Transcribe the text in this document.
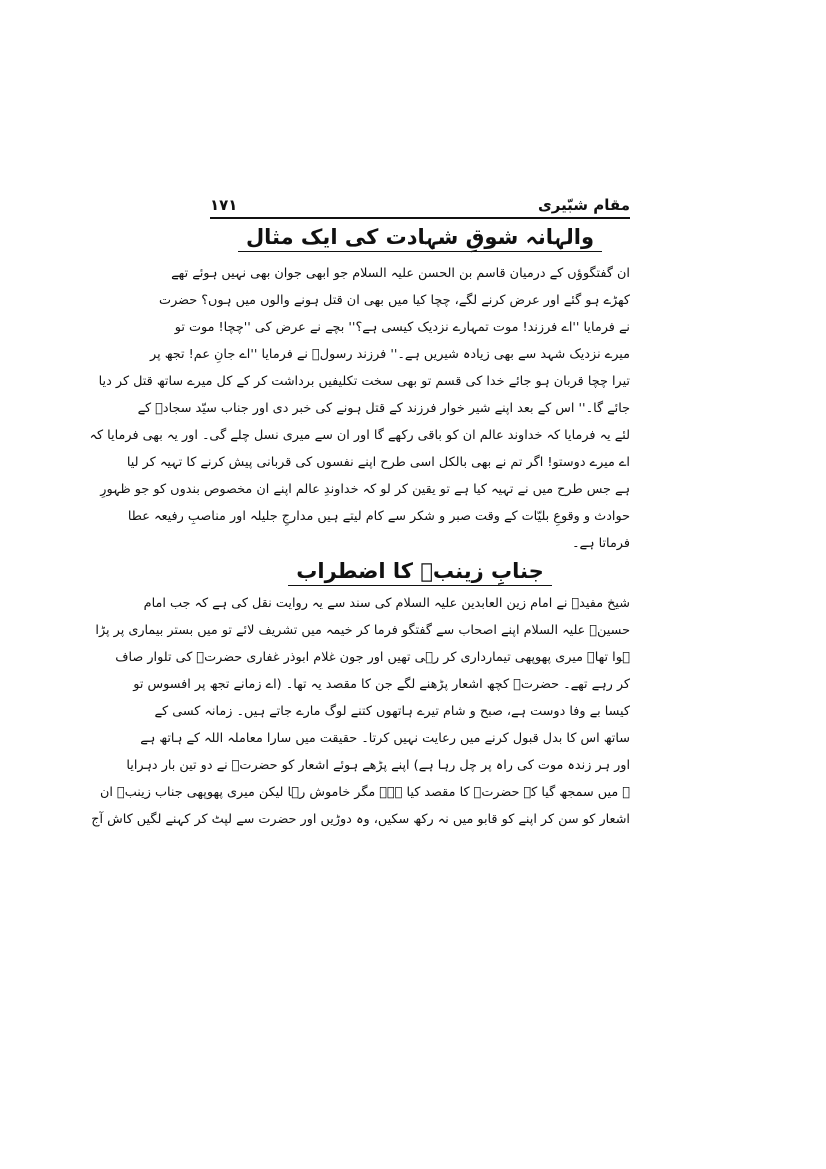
مقام شبّیری
۱۷۱
والہانہ شوقِ شہادت کی ایک مثال
ان گفتگوؤں کے درمیان قاسم بن الحسن علیہ السلام جو ابھی جوان بھی نہیں ہوئے تھے
کھڑے ہو گئے اور عرض کرنے لگے، چچا کیا میں بھی ان قتل ہونے والوں میں ہوں؟ حضرت
نے فرمایا ''اے فرزند! موت تمہارے نزدیک کیسی ہے؟'' بچے نے عرض کی ''چچا! موت تو
میرے نزدیک شہد سے بھی زیادہ شیریں ہے۔'' فرزند رسولؐ نے فرمایا ''اے جانِ عم! تجھ پر
تیرا چچا قربان ہو جائے خدا کی قسم تو بھی سخت تکلیفیں برداشت کر کے کل میرے ساتھ قتل کر دیا
جائے گا۔'' اس کے بعد اپنے شیر خوار فرزند کے قتل ہونے کی خبر دی اور جناب سیّد سجادؑ کے
لئے یہ فرمایا کہ خداوند عالم ان کو باقی رکھے گا اور ان سے میری نسل چلے گی۔ اور یہ بھی فرمایا کہ
اے میرے دوستو! اگر تم نے بھی بالکل اسی طرح اپنے نفسوں کی قربانی پیش کرنے کا تہیہ کر لیا
ہے جس طرح میں نے تہیہ کیا ہے تو یقین کر لو کہ خداوندِ عالم اپنے ان مخصوص بندوں کو جو ظہورِ
حوادث و وقوعِ بلیّات کے وقت صبر و شکر سے کام لیتے ہیں مدارجِ جلیلہ اور مناصبِ رفیعہ عطا
فرماتا ہے۔
جنابِ زینبؑ کا اضطراب
شیخ مفیدؒ نے امام زین العابدین علیہ السلام کی سند سے یہ روایت نقل کی ہے کہ جب امام
حسینؑ علیہ السلام اپنے اصحاب سے گفتگو فرما کر خیمہ میں تشریف لائے تو میں بستر بیماری پر پڑا
ہوا تھا۔ میری پھوپھی تیمارداری کر رہی تھیں اور جون غلام ابوذر غفاری حضرتؑ کی تلوار صاف
کر رہے تھے۔ حضرتؑ کچھ اشعار پڑھنے لگے جن کا مقصد یہ تھا۔ (اے زمانے تجھ پر افسوس تو
کیسا بے وفا دوست ہے، صبح و شام تیرے ہاتھوں کتنے لوگ مارے جاتے ہیں۔ زمانہ کسی کے
ساتھ اس کا بدل قبول کرنے میں رعایت نہیں کرتا۔ حقیقت میں سارا معاملہ اللہ کے ہاتھ ہے
اور ہر زندہ موت کی راہ پر چل رہا ہے) اپنے پڑھے ہوئے اشعار کو حضرتؑ نے دو تین بار دہرایا
۔ میں سمجھ گیا کہ حضرتؑ کا مقصد کیا ہے۔ مگر خاموش رہا لیکن میری پھوپھی جناب زینبؑ ان
اشعار کو سن کر اپنے کو قابو میں نہ رکھ سکیں، وہ دوڑیں اور حضرت سے لپٹ کر کہنے لگیں کاش آج
